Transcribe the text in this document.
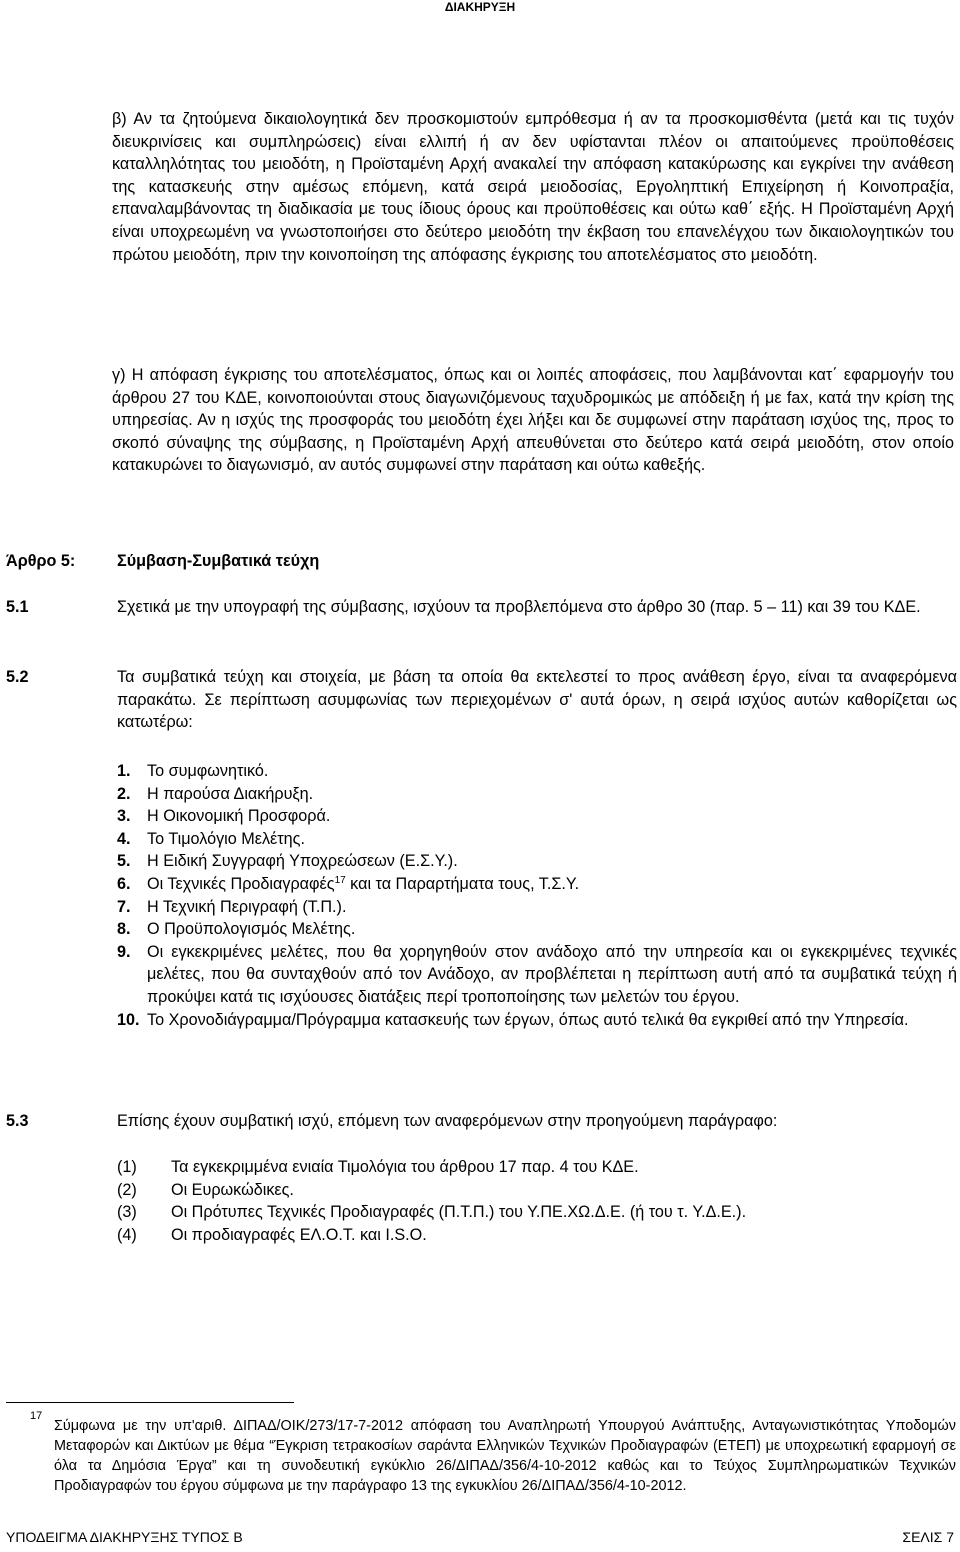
ΔΙΑΚΗΡΥΞΗ

β) Αν τα ζητούμενα δικαιολογητικά δεν προσκομιστούν εμπρόθεσμα ή αν τα προσκομισθέντα (μετά και τις τυχόν διευκρινίσεις και συμπληρώσεις) είναι ελλιπή ή αν δεν υφίστανται πλέον οι απαιτούμενες προϋποθέσεις καταλληλότητας του μειοδότη, η Προϊσταμένη Αρχή ανακαλεί την απόφαση κατακύρωσης και εγκρίνει την ανάθεση της κατασκευής στην αμέσως επόμενη, κατά σειρά μειοδοσίας, Εργοληπτική Επιχείρηση ή Κοινοπραξία, επαναλαμβάνοντας τη διαδικασία με τους ίδιους όρους και προϋποθέσεις και ούτω καθ΄ εξής. Η Προϊσταμένη Αρχή είναι υποχρεωμένη να γνωστοποιήσει στο δεύτερο μειοδότη την έκβαση του επανελέγχου των δικαιολογητικών του πρώτου μειοδότη, πριν την κοινοποίηση της απόφασης έγκρισης του αποτελέσματος στο μειοδότη.

γ) Η απόφαση έγκρισης του αποτελέσματος, όπως και οι λοιπές αποφάσεις, που λαμβάνονται κατ΄ εφαρμογήν του άρθρου 27 του ΚΔΕ, κοινοποιούνται στους διαγωνιζόμενους ταχυδρομικώς με απόδειξη ή με fax, κατά την κρίση της υπηρεσίας. Αν η ισχύς της προσφοράς του μειοδότη έχει λήξει και δε συμφωνεί στην παράταση ισχύος της, προς το σκοπό σύναψης της σύμβασης, η Προϊσταμένη Αρχή απευθύνεται στο δεύτερο κατά σειρά μειοδότη, στον οποίο κατακυρώνει το διαγωνισμό, αν αυτός συμφωνεί στην παράταση και ούτω καθεξής.

Άρθρο 5:	Σύμβαση-Συμβατικά τεύχη
5.1	Σχετικά με την υπογραφή της σύμβασης, ισχύουν τα προβλεπόμενα στο άρθρο 30 (παρ. 5 – 11) και 39 του ΚΔΕ.

5.2	Τα συμβατικά τεύχη και στοιχεία, με βάση τα οποία θα εκτελεστεί το προς ανάθεση έργο, είναι τα αναφερόμενα παρακάτω. Σε περίπτωση ασυμφωνίας των περιεχομένων σ' αυτά όρων, η σειρά ισχύος αυτών καθορίζεται ως κατωτέρω:

1. Το συμφωνητικό.
2. Η παρούσα Διακήρυξη.
3. Η Οικονομική Προσφορά.
4. Το Τιμολόγιο Μελέτης.
5. Η Ειδική Συγγραφή Υποχρεώσεων (Ε.Σ.Υ.).
6. Οι Τεχνικές Προδιαγραφές$^{17}$ και τα Παραρτήματα τους, Τ.Σ.Υ.
7. Η Τεχνική Περιγραφή (Τ.Π.).
8. Ο Προϋπολογισμός Μελέτης.
9. Οι εγκεκριμένες μελέτες, που θα χορηγηθούν στον ανάδοχο από την υπηρεσία και οι εγκεκριμένες τεχνικές μελέτες, που θα συνταχθούν από τον Ανάδοχο, αν προβλέπεται η περίπτωση αυτή από τα συμβατικά τεύχη ή προκύψει κατά τις ισχύουσες διατάξεις περί τροποποίησης των μελετών του έργου.
10. Το Χρονοδιάγραμμα/Πρόγραμμα κατασκευής των έργων, όπως αυτό τελικά θα εγκριθεί από την Υπηρεσία.
5.3	Επίσης έχουν συμβατική ισχύ, επόμενη των αναφερόμενων στην προηγούμενη παράγραφο:

(1) Τα εγκεκριμμένα ενιαία Τιμολόγια του άρθρου 17 παρ. 4 του ΚΔΕ.
(2) Οι Ευρωκώδικες.
(3) Οι Πρότυπες Τεχνικές Προδιαγραφές (Π.Τ.Π.) του Υ.ΠΕ.ΧΩ.Δ.Ε. (ή του τ. Υ.Δ.Ε.).
(4) Οι προδιαγραφές ΕΛ.Ο.Τ. και I.S.O.
17

Σύμφωνα με την υπ'αριθ. ΔΙΠΑΔ/ΟΙΚ/273/17-7-2012 απόφαση του Αναπληρωτή Υπουργού Ανάπτυξης, Ανταγωνιστικότητας Υποδομών Μεταφορών και Δικτύων με θέμα “Έγκριση τετρακοσίων σαράντα Ελληνικών Τεχνικών Προδιαγραφών (ΕΤΕΠ) με υποχρεωτική εφαρμογή σε όλα τα Δημόσια Έργα” και τη συνοδευτική εγκύκλιο 26/ΔΙΠΑΔ/356/4-10-2012 καθώς και το Τεύχος Συμπληρωματικών Τεχνικών Προδιαγραφών του έργου σύμφωνα με την παράγραφο 13 της εγκυκλίου 26/ΔΙΠΑΔ/356/4-10-2012.

ΥΠΟΔΕΙΓΜΑ ΔΙΑΚΗΡΥΞΗΣ ΤΥΠΟΣ Β	ΣΕΛΙΣ 7
